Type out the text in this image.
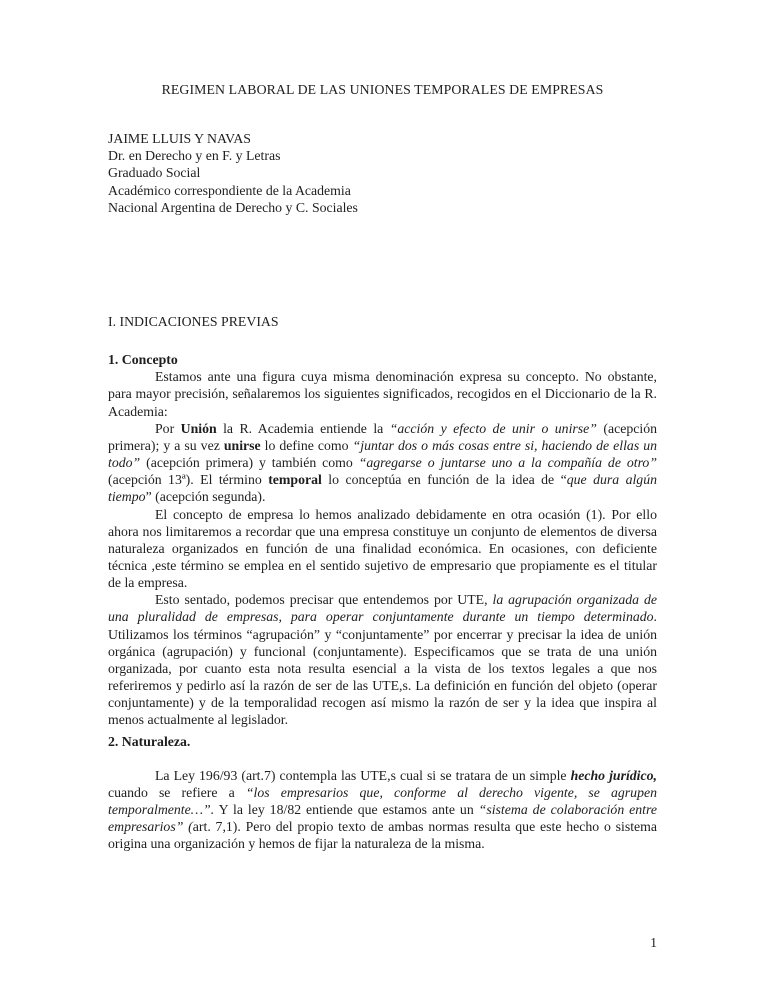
REGIMEN LABORAL DE LAS UNIONES TEMPORALES DE EMPRESAS
JAIME LLUIS Y NAVAS
Dr. en Derecho y en F. y Letras
Graduado Social
Académico correspondiente de la Academia
Nacional Argentina de Derecho y C. Sociales
I. INDICACIONES PREVIAS
1. Concepto

Estamos ante una figura cuya misma denominación expresa su concepto. No obstante, para mayor precisión, señalaremos los siguientes significados, recogidos en el Diccionario de la R. Academia:

Por Unión la R. Academia entiende la “acción y efecto de unir o unirse” (acepción primera); y a su vez unirse lo define como “juntar dos o más cosas entre si, haciendo de ellas un todo” (acepción primera) y también como “agregarse o juntarse uno a la compañía de otro” (acepción 13ª). El término temporal lo conceptúa en función de la idea de “que dura algún tiempo” (acepción segunda).

El concepto de empresa lo hemos analizado debidamente en otra ocasión (1). Por ello ahora nos limitaremos a recordar que una empresa constituye un conjunto de elementos de diversa naturaleza organizados en función de una finalidad económica. En ocasiones, con deficiente técnica ,este término se emplea en el sentido sujetivo de empresario que propiamente es el titular de la empresa.

Esto sentado, podemos precisar que entendemos por UTE, la agrupación organizada de una pluralidad de empresas, para operar conjuntamente durante un tiempo determinado. Utilizamos los términos “agrupación” y “conjuntamente” por encerrar y precisar la idea de unión orgánica (agrupación) y funcional (conjuntamente). Especificamos que se trata de una unión organizada, por cuanto esta nota resulta esencial a la vista de los textos legales a que nos referiremos y pedirlo así la razón de ser de las UTE,s. La definición en función del objeto (operar conjuntamente) y de la temporalidad recogen así mismo la razón de ser y la idea que inspira al menos actualmente al legislador.

2. Naturaleza.

La Ley 196/93 (art.7) contempla las UTE,s cual si se tratara de un simple hecho jurídico, cuando se refiere a “los empresarios que, conforme al derecho vigente, se agrupen temporalmente…”. Y la ley 18/82 entiende que estamos ante un “sistema de colaboración entre empresarios” (art. 7,1). Pero del propio texto de ambas normas resulta que este hecho o sistema origina una organización y hemos de fijar la naturaleza de la misma.

1
